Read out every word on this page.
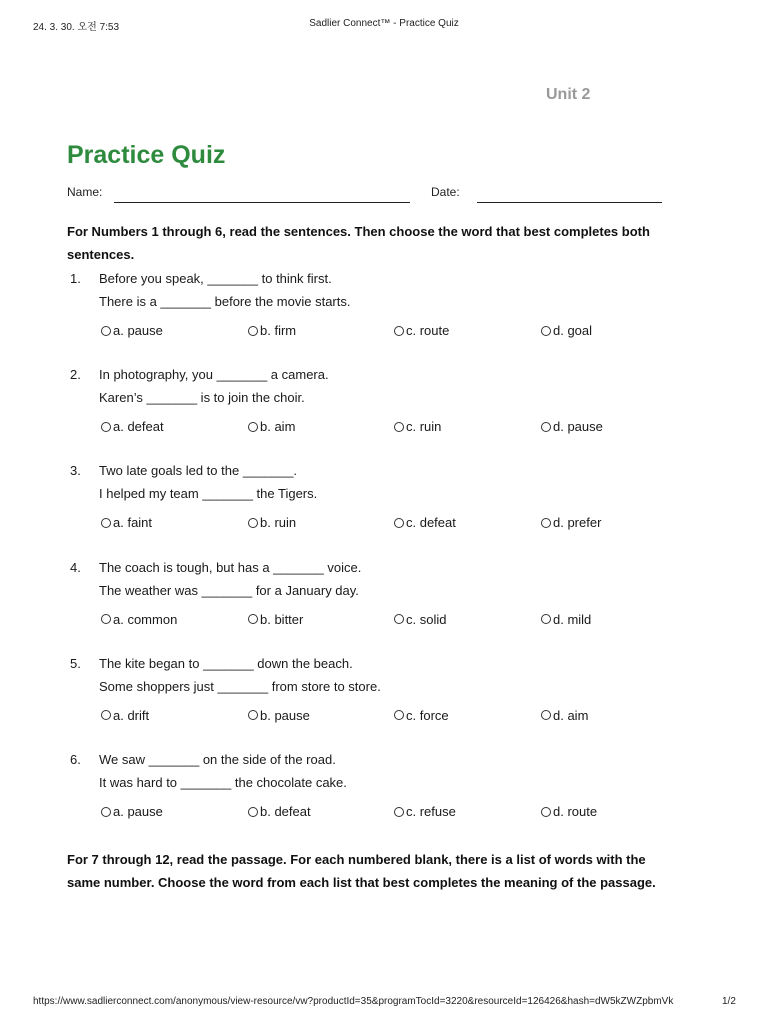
24. 3. 30. 오전 7:53	Sadlier Connect™ - Practice Quiz
Unit 2
Practice Quiz
Name:	Date:
For Numbers 1 through 6, read the sentences. Then choose the word that best completes both sentences.
1. Before you speak, _______ to think first.
There is a _______ before the movie starts.
a. pause	b. firm	c. route	d. goal
2. In photography, you _______ a camera.
Karen’s _______ is to join the choir.
a. defeat	b. aim	c. ruin	d. pause
3. Two late goals led to the _______.
I helped my team _______ the Tigers.
a. faint	b. ruin	c. defeat	d. prefer
4. The coach is tough, but has a _______ voice.
The weather was _______ for a January day.
a. common	b. bitter	c. solid	d. mild
5. The kite began to _______ down the beach.
Some shoppers just _______ from store to store.
a. drift	b. pause	c. force	d. aim
6. We saw _______ on the side of the road.
It was hard to _______ the chocolate cake.
a. pause	b. defeat	c. refuse	d. route
For 7 through 12, read the passage. For each numbered blank, there is a list of words with the same number. Choose the word from each list that best completes the meaning of the passage.
https://www.sadlierconnect.com/anonymous/view-resource/vw?productId=35&programTocId=3220&resourceId=126426&hash=dW5kZWZpbmVk	1/2
